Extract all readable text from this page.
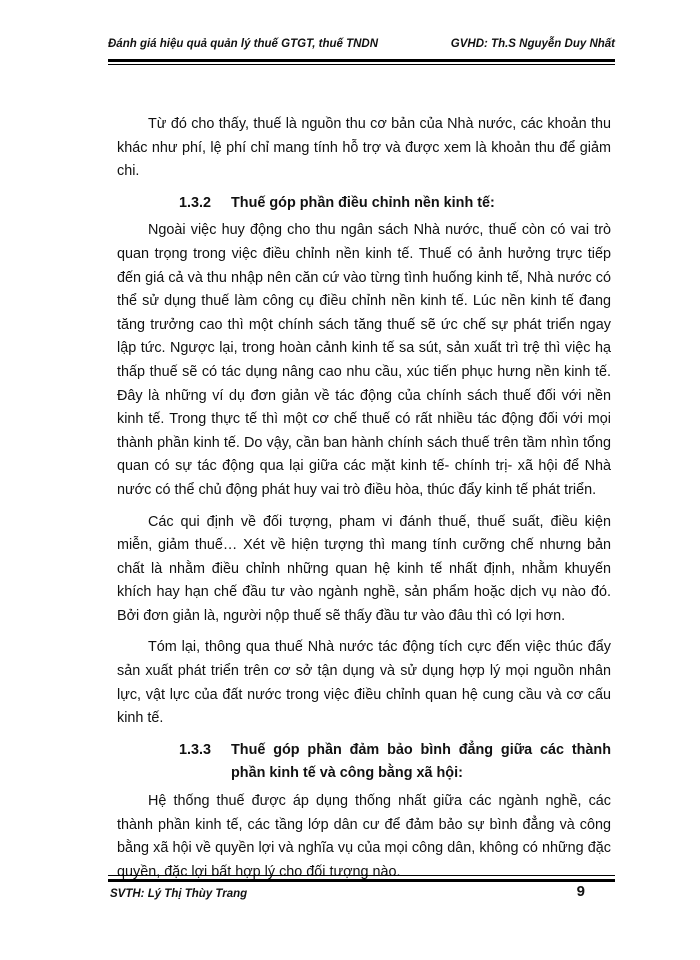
Đánh giá hiệu quả quản lý thuế GTGT, thuế TNDN	GVHD: Th.S Nguyễn Duy Nhất

Từ đó cho thấy, thuế là nguồn thu cơ bản của Nhà nước, các khoản thu khác như phí, lệ phí chỉ mang tính hỗ trợ và được xem là khoản thu để giảm chi.

1.3.2 Thuế góp phần điều chỉnh nền kinh tế:

Ngoài việc huy động cho thu ngân sách Nhà nước, thuế còn có vai trò quan trọng trong việc điều chỉnh nền kinh tế. Thuế có ảnh hưởng trực tiếp đến giá cả và thu nhập nên căn cứ vào từng tình huống kinh tế, Nhà nước có thể sử dụng thuế làm công cụ điều chỉnh nền kinh tế. Lúc nền kinh tế đang tăng trưởng cao thì một chính sách tăng thuế sẽ ức chế sự phát triển ngay lập tức. Ngược lại, trong hoàn cảnh kinh tế sa sút, sản xuất trì trệ thì việc hạ thấp thuế sẽ có tác dụng nâng cao nhu cầu, xúc tiến phục hưng nền kinh tế. Đây là những ví dụ đơn giản về tác động của chính sách thuế đối với nền kinh tế. Trong thực tế thì một cơ chế thuế có rất nhiều tác động đối với mọi thành phần kinh tế. Do vậy, cần ban hành chính sách thuế trên tầm nhìn tổng quan có sự tác động qua lại giữa các mặt kinh tế- chính trị- xã hội để Nhà nước có thể chủ động phát huy vai trò điều hòa, thúc đẩy kinh tế phát triển.

Các qui định về đối tượng, pham vi đánh thuế, thuế suất, điều kiện miễn, giảm thuế… Xét về hiện tượng thì mang tính cưỡng chế nhưng bản chất là nhằm điều chỉnh những quan hệ kinh tế nhất định, nhằm khuyến khích hay hạn chế đầu tư vào ngành nghề, sản phẩm hoặc dịch vụ nào đó. Bởi đơn giản là, người nộp thuế sẽ thấy đầu tư vào đâu thì có lợi hơn.

Tóm lại, thông qua thuế Nhà nước tác động tích cực đến việc thúc đẩy sản xuất phát triển trên cơ sở tận dụng và sử dụng hợp lý mọi nguồn nhân lực, vật lực của đất nước trong việc điều chỉnh quan hệ cung cầu và cơ cấu kinh tế.

1.3.3	Thuế góp phần đảm bảo bình đẳng giữa các thành phần kinh tế và công bằng xã hội:

Hệ thống thuế được áp dụng thống nhất giữa các ngành nghề, các thành phần kinh tế, các tầng lớp dân cư để đảm bảo sự bình đẳng và công bằng xã hội về quyền lợi và nghĩa vụ của mọi công dân, không có những đặc quyền, đặc lợi bất hợp lý cho đối tượng nào.

SVTH: Lý Thị Thùy Trang	9
